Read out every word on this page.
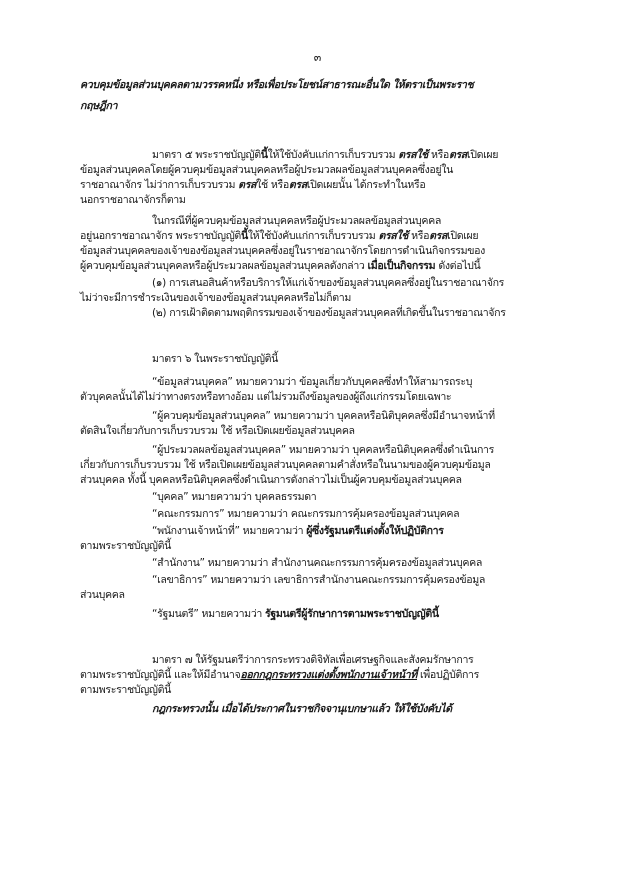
๓
ควบคุมข้อมูลส่วนบุคคลตามวรรคหนึ่ง หรือเพื่อประโยชน์สาธารณะอื่นใด ให้ตราเป็นพระราช
กฤษฎีกา
มาตรา ๕ พระราชบัญญัตินี้ให้ใช้บังคับแก่การเก็บรวบรวม ตรสใช้ หรือตรสเปิดเผย
ข้อมูลส่วนบุคคลโดยผู้ควบคุมข้อมูลส่วนบุคคลหรือผู้ประมวลผลข้อมูลส่วนบุคคลซึ่งอยู่ใน
ราชอาณาจักร ไม่ว่าการเก็บรวบรวม ตรสใช้ หรือตรสเปิดเผยนั้น ได้กระทำในหรือ
นอกราชอาณาจักรก็ตาม
ในกรณีที่ผู้ควบคุมข้อมูลส่วนบุคคลหรือผู้ประมวลผลข้อมูลส่วนบุคคล
อยู่นอกราชอาณาจักร พระราชบัญญัตินี้ให้ใช้บังคับแก่การเก็บรวบรวม ตรสใช้ หรือตรสเปิดเผย
ข้อมูลส่วนบุคคลของเจ้าของข้อมูลส่วนบุคคลซึ่งอยู่ในราชอาณาจักรโดยการดำเนินกิจกรรมของ
ผู้ควบคุมข้อมูลส่วนบุคคลหรือผู้ประมวลผลข้อมูลส่วนบุคคลดังกล่าว เมื่อเป็นกิจกรรม ดังต่อไปนี้
(๑) การเสนอสินค้าหรือบริการให้แก่เจ้าของข้อมูลส่วนบุคคลซึ่งอยู่ในราชอาณาจักร
ไม่ว่าจะมีการชำระเงินของเจ้าของข้อมูลส่วนบุคคลหรือไม่ก็ตาม
(๒) การเฝ้าติดตามพฤติกรรมของเจ้าของข้อมูลส่วนบุคคลที่เกิดขึ้นในราชอาณาจักร
มาตรา ๖ ในพระราชบัญญัตินี้
“ข้อมูลส่วนบุคคล” หมายความว่า ข้อมูลเกี่ยวกับบุคคลซึ่งทำให้สามารถระบุ
ตัวบุคคลนั้นได้ไม่ว่าทางตรงหรือทางอ้อม แต่ไม่รวมถึงข้อมูลของผู้ถึงแก่กรรมโดยเฉพาะ
“ผู้ควบคุมข้อมูลส่วนบุคคล” หมายความว่า บุคคลหรือนิติบุคคลซึ่งมีอำนาจหน้าที่
ตัดสินใจเกี่ยวกับการเก็บรวบรวม ใช้ หรือเปิดเผยข้อมูลส่วนบุคคล
“ผู้ประมวลผลข้อมูลส่วนบุคคล” หมายความว่า บุคคลหรือนิติบุคคลซึ่งดำเนินการ
เกี่ยวกับการเก็บรวบรวม ใช้ หรือเปิดเผยข้อมูลส่วนบุคคลตามคำสั่งหรือในนามของผู้ควบคุมข้อมูล
ส่วนบุคคล ทั้งนี้ บุคคลหรือนิติบุคคลซึ่งดำเนินการดังกล่าวไม่เป็นผู้ควบคุมข้อมูลส่วนบุคคล
“บุคคล” หมายความว่า บุคคลธรรมดา
“คณะกรรมการ” หมายความว่า คณะกรรมการคุ้มครองข้อมูลส่วนบุคคล
“พนักงานเจ้าหน้าที่” หมายความว่า ผู้ซึ่งรัฐมนตรีแต่งตั้งให้ปฏิบัติการ
ตามพระราชบัญญัตินี้
“สำนักงาน” หมายความว่า สำนักงานคณะกรรมการคุ้มครองข้อมูลส่วนบุคคล
“เลขาธิการ” หมายความว่า เลขาธิการสำนักงานคณะกรรมการคุ้มครองข้อมูล
ส่วนบุคคล
“รัฐมนตรี” หมายความว่า รัฐมนตรีผู้รักษาการตามพระราชบัญญัตินี้
มาตรา ๗ ให้รัฐมนตรีว่าการกระทรวงดิจิทัลเพื่อเศรษฐกิจและสังคมรักษาการ
ตามพระราชบัญญัตินี้ และให้มีอำนาจออกกฎกระทรวงแต่งตั้งพนักงานเจ้าหน้าที่ เพื่อปฏิบัติการ
ตามพระราชบัญญัตินี้
กฎกระทรวงนั้น เมื่อได้ประกาศในราชกิจจานุเบกษาแล้ว ให้ใช้บังคับได้
